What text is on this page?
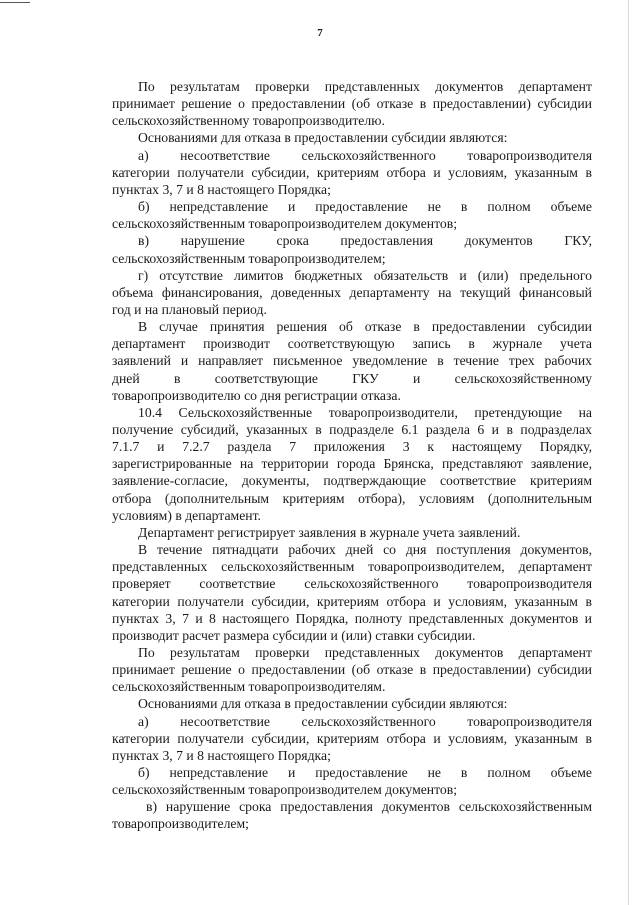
7
По результатам проверки представленных документов департамент
принимает решение о предоставлении (об отказе в предоставлении) субсидии
сельскохозяйственному товаропроизводителю.
Основаниями для отказа в предоставлении субсидии являются:
а) несоответствие сельскохозяйственного товаропроизводителя
категории получатели субсидии, критериям отбора и условиям, указанным в
пунктах 3, 7 и 8 настоящего Порядка;
б) непредставление и предоставление не в полном объеме
сельскохозяйственным товаропроизводителем документов;
в) нарушение срока предоставления документов ГКУ,
сельскохозяйственным товаропроизводителем;
г) отсутствие лимитов бюджетных обязательств и (или) предельного
объема финансирования, доведенных департаменту на текущий финансовый
год и на плановый период.
В случае принятия решения об отказе в предоставлении субсидии
департамент производит соответствующую запись в журнале учета
заявлений и направляет письменное уведомление в течение трех рабочих
дней в соответствующие ГКУ и сельскохозяйственному
товаропроизводителю со дня регистрации отказа.
10.4 Сельскохозяйственные товаропроизводители, претендующие на
получение субсидий, указанных в подразделе 6.1 раздела 6 и в подразделах
7.1.7 и 7.2.7 раздела 7 приложения 3 к настоящему Порядку,
зарегистрированные на территории города Брянска, представляют заявление,
заявление-согласие, документы, подтверждающие соответствие критериям
отбора (дополнительным критериям отбора), условиям (дополнительным
условиям) в департамент.
Департамент регистрирует заявления в журнале учета заявлений.
В течение пятнадцати рабочих дней со дня поступления документов,
представленных сельскохозяйственным товаропроизводителем, департамент
проверяет соответствие сельскохозяйственного товаропроизводителя
категории получатели субсидии, критериям отбора и условиям, указанным в
пунктах 3, 7 и 8 настоящего Порядка, полноту представленных документов и
производит расчет размера субсидии и (или) ставки субсидии.
По результатам проверки представленных документов департамент
принимает решение о предоставлении (об отказе в предоставлении) субсидии
сельскохозяйственным товаропроизводителям.
Основаниями для отказа в предоставлении субсидии являются:
а) несоответствие сельскохозяйственного товаропроизводителя
категории получатели субсидии, критериям отбора и условиям, указанным в
пунктах 3, 7 и 8 настоящего Порядка;
б) непредставление и предоставление не в полном объеме
сельскохозяйственным товаропроизводителем документов;
в) нарушение срока предоставления документов сельскохозяйственным
товаропроизводителем;
